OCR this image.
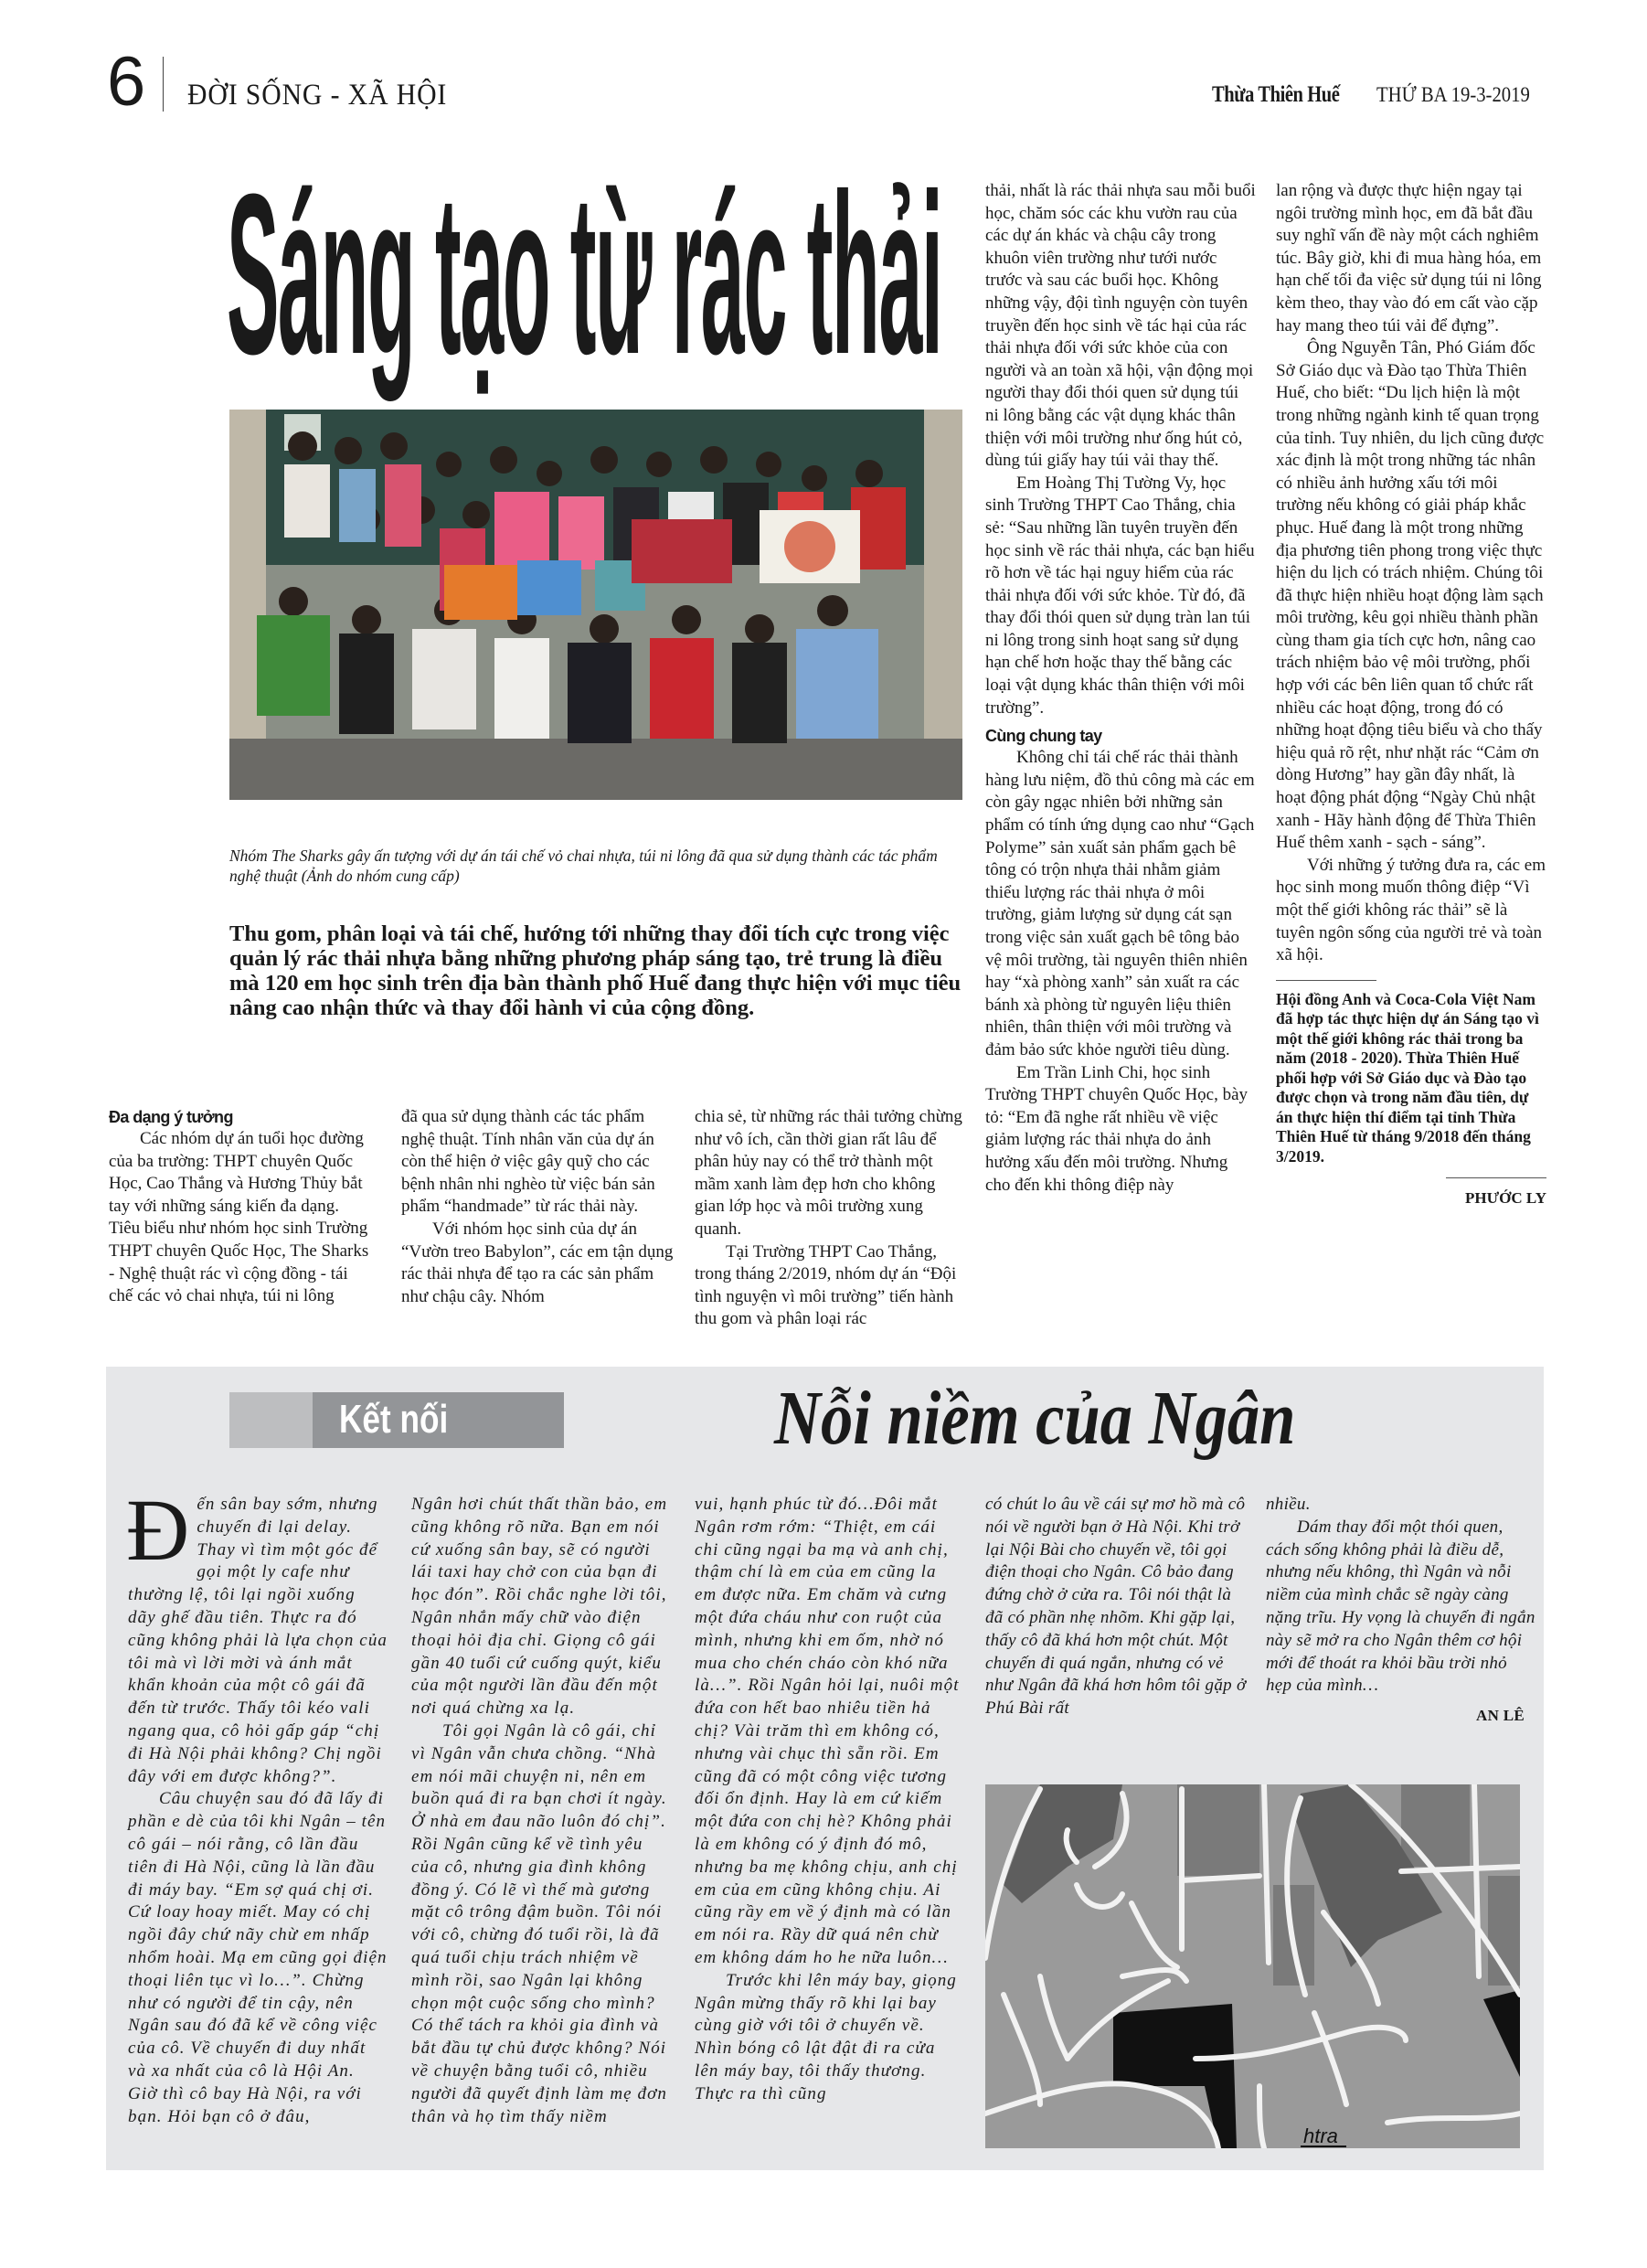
6 ĐỜI SỐNG - XÃ HỘI	Thừa Thiên Huế THỨ BA 19-3-2019
Sáng tạo từ rác thải
Nhóm The Sharks gây ấn tượng với dự án tái chế vỏ chai nhựa, túi ni lông đã qua sử dụng thành các tác phẩm nghệ thuật (Ảnh do nhóm cung cấp)
Thu gom, phân loại và tái chế, hướng tới những thay đổi tích cực trong việc quản lý rác thải nhựa bằng những phương pháp sáng tạo, trẻ trung là điều mà 120 em học sinh trên địa bàn thành phố Huế đang thực hiện với mục tiêu nâng cao nhận thức và thay đổi hành vi của cộng đồng.
Đa dạng ý tưởng

Các nhóm dự án tuổi học đường của ba trường: THPT chuyên Quốc Học, Cao Thắng và Hương Thủy bắt tay với những sáng kiến đa dạng. Tiêu biểu như nhóm học sinh Trường THPT chuyên Quốc Học, The Sharks - Nghệ thuật rác vì cộng đồng - tái chế các vỏ chai nhựa, túi ni lông

đã qua sử dụng thành các tác phẩm nghệ thuật. Tính nhân văn của dự án còn thể hiện ở việc gây quỹ cho các bệnh nhân nhi nghèo từ việc bán sản phẩm “handmade” từ rác thải này.

Với nhóm học sinh của dự án “Vườn treo Babylon”, các em tận dụng rác thải nhựa để tạo ra các sản phẩm như chậu cây. Nhóm

chia sẻ, từ những rác thải tưởng chừng như vô ích, cần thời gian rất lâu để phân hủy nay có thể trở thành một mầm xanh làm đẹp hơn cho không gian lớp học và môi trường xung quanh.

Tại Trường THPT Cao Thắng, trong tháng 2/2019, nhóm dự án “Đội tình nguyện vì môi trường” tiến hành thu gom và phân loại rác

thải, nhất là rác thải nhựa sau mỗi buổi học, chăm sóc các khu vườn rau của các dự án khác và chậu cây trong khuôn viên trường như tưới nước trước và sau các buổi học. Không những vậy, đội tình nguyện còn tuyên truyền đến học sinh về tác hại của rác thải nhựa đối với sức khỏe của con người và an toàn xã hội, vận động mọi người thay đổi thói quen sử dụng túi ni lông bằng các vật dụng khác thân thiện với môi trường như ống hút cỏ, dùng túi giấy hay túi vải thay thế.

Em Hoàng Thị Tường Vy, học sinh Trường THPT Cao Thắng, chia sẻ: “Sau những lần tuyên truyền đến học sinh về rác thải nhựa, các bạn hiểu rõ hơn về tác hại nguy hiểm của rác thải nhựa đối với sức khỏe. Từ đó, đã thay đổi thói quen sử dụng tràn lan túi ni lông trong sinh hoạt sang sử dụng hạn chế hơn hoặc thay thế bằng các loại vật dụng khác thân thiện với môi trường”.

Cùng chung tay

Không chỉ tái chế rác thải thành hàng lưu niệm, đồ thủ công mà các em còn gây ngạc nhiên bởi những sản phẩm có tính ứng dụng cao như “Gạch Polyme” sản xuất sản phẩm gạch bê tông có trộn nhựa thải nhằm giảm thiểu lượng rác thải nhựa ở môi trường, giảm lượng sử dụng cát sạn trong việc sản xuất gạch bê tông bảo vệ môi trường, tài nguyên thiên nhiên hay “xà phòng xanh” sản xuất ra các bánh xà phòng từ nguyên liệu thiên nhiên, thân thiện với môi trường và đảm bảo sức khỏe người tiêu dùng.

Em Trần Linh Chi, học sinh Trường THPT chuyên Quốc Học, bày tỏ: “Em đã nghe rất nhiều về việc giảm lượng rác thải nhựa do ảnh hưởng xấu đến môi trường. Nhưng cho đến khi thông điệp này

lan rộng và được thực hiện ngay tại ngôi trường mình học, em đã bắt đầu suy nghĩ vấn đề này một cách nghiêm túc. Bây giờ, khi đi mua hàng hóa, em hạn chế tối đa việc sử dụng túi ni lông kèm theo, thay vào đó em cất vào cặp hay mang theo túi vải để đựng”.

Ông Nguyễn Tân, Phó Giám đốc Sở Giáo dục và Đào tạo Thừa Thiên Huế, cho biết: “Du lịch hiện là một trong những ngành kinh tế quan trọng của tỉnh. Tuy nhiên, du lịch cũng được xác định là một trong những tác nhân có nhiều ảnh hưởng xấu tới môi trường nếu không có giải pháp khắc phục. Huế đang là một trong những địa phương tiên phong trong việc thực hiện du lịch có trách nhiệm. Chúng tôi đã thực hiện nhiều hoạt động làm sạch môi trường, kêu gọi nhiều thành phần cùng tham gia tích cực hơn, nâng cao trách nhiệm bảo vệ môi trường, phối hợp với các bên liên quan tổ chức rất nhiều các hoạt động, trong đó có những hoạt động tiêu biểu và cho thấy hiệu quả rõ rệt, như nhặt rác “Cảm ơn dòng Hương” hay gần đây nhất, là hoạt động phát động “Ngày Chủ nhật xanh - Hãy hành động để Thừa Thiên Huế thêm xanh - sạch - sáng”.

Với những ý tưởng đưa ra, các em học sinh mong muốn thông điệp “Vì một thế giới không rác thải” sẽ là tuyên ngôn sống của người trẻ và toàn xã hội.

Hội đồng Anh và Coca-Cola Việt Nam đã hợp tác thực hiện dự án Sáng tạo vì một thế giới không rác thải trong ba năm (2018 - 2020). Thừa Thiên Huế phối hợp với Sở Giáo dục và Đào tạo được chọn và trong năm đầu tiên, dự án thực hiện thí điểm tại tỉnh Thừa Thiên Huế từ tháng 9/2018 đến tháng 3/2019.
PHƯỚC LY
Kết nối	Nỗi niềm của Ngân

Đến sân bay sớm, nhưng chuyến đi lại delay. Thay vì tìm một góc để gọi một ly cafe như thường lệ, tôi lại ngồi xuống dãy ghế đầu tiên. Thực ra đó cũng không phải là lựa chọn của tôi mà vì lời mời và ánh mắt khẩn khoản của một cô gái đã đến từ trước. Thấy tôi kéo vali ngang qua, cô hỏi gấp gáp “chị đi Hà Nội phải không? Chị ngồi đây với em được không?”.

Câu chuyện sau đó đã lấy đi phần e dè của tôi khi Ngân – tên cô gái – nói rằng, cô lần đầu tiên đi Hà Nội, cũng là lần đầu đi máy bay. “Em sợ quá chị ơi. Cứ loay hoay miết. May có chị ngồi đây chứ nãy chừ em nhấp nhổm hoài. Mạ em cũng gọi điện thoại liên tục vì lo…”. Chừng như có người để tin cậy, nên Ngân sau đó đã kể về công việc của cô. Về chuyến đi duy nhất và xa nhất của cô là Hội An. Giờ thì cô bay Hà Nội, ra với bạn. Hỏi bạn cô ở đâu,

Ngân hơi chút thất thần bảo, em cũng không rõ nữa. Bạn em nói cứ xuống sân bay, sẽ có người lái taxi hay chở con của bạn đi học đón”. Rồi chắc nghe lời tôi, Ngân nhắn mấy chữ vào điện thoại hỏi địa chỉ. Giọng cô gái gần 40 tuổi cứ cuống quýt, kiểu của một người lần đầu đến một nơi quá chừng xa lạ.

Tôi gọi Ngân là cô gái, chỉ vì Ngân vẫn chưa chồng. “Nhà em nói mãi chuyện ni, nên em buồn quá đi ra bạn chơi ít ngày. Ở nhà em đau não luôn đó chị”. Rồi Ngân cũng kể về tình yêu của cô, nhưng gia đình không đồng ý. Có lẽ vì thế mà gương mặt cô trông đậm buồn. Tôi nói với cô, chừng đó tuổi rồi, là đã quá tuổi chịu trách nhiệm về mình rồi, sao Ngân lại không chọn một cuộc sống cho mình? Có thể tách ra khỏi gia đình và bắt đầu tự chủ được không? Nói về chuyện bằng tuổi cô, nhiều người đã quyết định làm mẹ đơn thân và họ tìm thấy niềm

vui, hạnh phúc từ đó…Đôi mắt Ngân rơm rớm: “Thiệt, em cái chi cũng ngại ba mạ và anh chị, thậm chí là em của em cũng la em được nữa. Em chăm và cưng một đứa cháu như con ruột của mình, nhưng khi em ốm, nhờ nó mua cho chén cháo còn khó nữa là…”. Rồi Ngân hỏi lại, nuôi một đứa con hết bao nhiêu tiền hả chị? Vài trăm thì em không có, nhưng vài chục thì sẵn rồi. Em cũng đã có một công việc tương đối ổn định. Hay là em cứ kiếm một đứa con chị hè? Không phải là em không có ý định đó mô, nhưng ba mẹ không chịu, anh chị em của em cũng không chịu. Ai cũng rầy em về ý định mà có lần em nói ra. Rầy dữ quá nên chừ em không dám ho he nữa luôn…

Trước khi lên máy bay, giọng Ngân mừng thấy rõ khi lại bay cùng giờ với tôi ở chuyến về. Nhìn bóng cô lật đật đi ra cửa lên máy bay, tôi thấy thương. Thực ra thì cũng

có chút lo âu về cái sự mơ hồ mà cô nói về người bạn ở Hà Nội. Khi trở lại Nội Bài cho chuyến về, tôi gọi điện thoại cho Ngân. Cô bảo đang đứng chờ ở cửa ra. Tôi nói thật là đã có phần nhẹ nhõm. Khi gặp lại, thấy cô đã khá hơn một chút. Một chuyến đi quá ngắn, nhưng có vẻ như Ngân đã khá hơn hôm tôi gặp ở Phú Bài rất

nhiều.

Dám thay đổi một thói quen, cách sống không phải là điều dễ, nhưng nếu không, thì Ngân và nỗi niềm của mình chắc sẽ ngày càng nặng trĩu. Hy vọng là chuyến đi ngắn này sẽ mở ra cho Ngân thêm cơ hội mới để thoát ra khỏi bầu trời nhỏ hẹp của mình…

AN LÊ
htra
